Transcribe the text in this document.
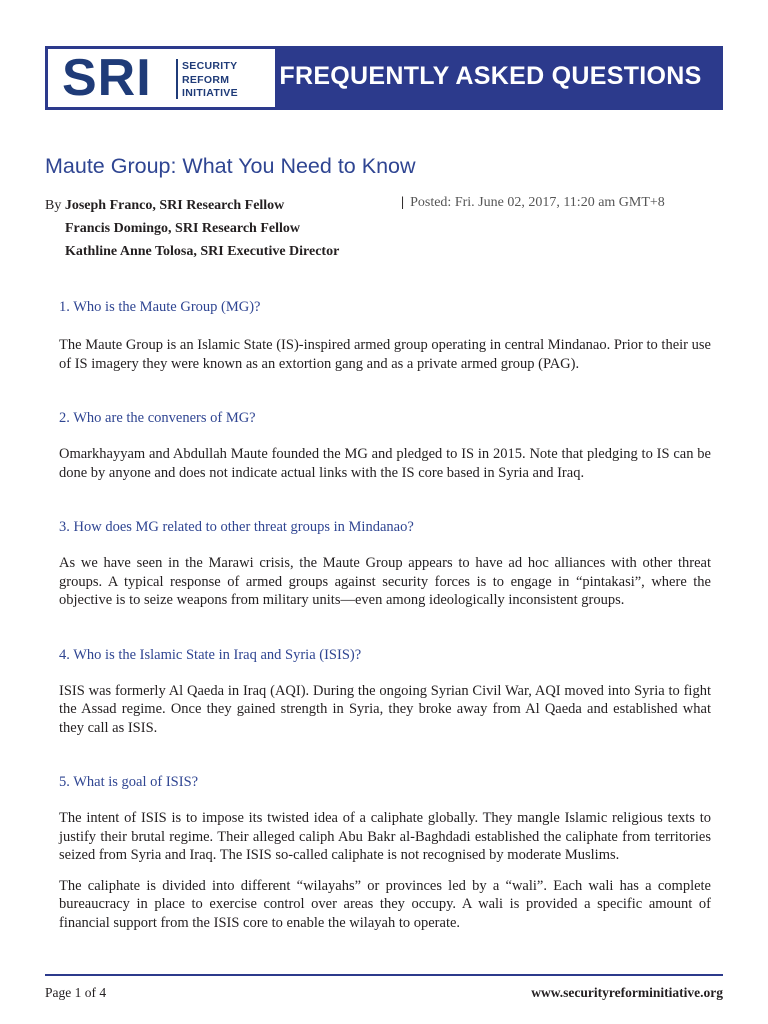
SRI	SECURITY
REFORM
INITIATIVE
FREQUENTLY ASKED QUESTIONS
Maute Group: What You Need to Know
By Joseph Franco, SRI Research Fellow
Francis Domingo, SRI Research Fellow
Kathline Anne Tolosa, SRI Executive Director
| Posted: Fri. June 02, 2017, 11:20 am GMT+8

1. Who is the Maute Group (MG)?

The Maute Group is an Islamic State (IS)-inspired armed group operating in central Mindanao. Prior to their use of IS imagery they were known as an extortion gang and as a private armed group (PAG).

2. Who are the conveners of MG?

Omarkhayyam and Abdullah Maute founded the MG and pledged to IS in 2015. Note that pledging to IS can be done by anyone and does not indicate actual links with the IS core based in Syria and Iraq.

3. How does MG related to other threat groups in Mindanao?

As we have seen in the Marawi crisis, the Maute Group appears to have ad hoc alliances with other threat groups. A typical response of armed groups against security forces is to engage in “pintakasi”, where the objective is to seize weapons from military units—even among ideologically inconsistent groups.

4. Who is the Islamic State in Iraq and Syria (ISIS)?

ISIS was formerly Al Qaeda in Iraq (AQI). During the ongoing Syrian Civil War, AQI moved into Syria to fight the Assad regime. Once they gained strength in Syria, they broke away from Al Qaeda and established what they call as ISIS.

5. What is goal of ISIS?

The intent of ISIS is to impose its twisted idea of a caliphate globally. They mangle Islamic religious texts to justify their brutal regime. Their alleged caliph Abu Bakr al-Baghdadi established the caliphate from territories seized from Syria and Iraq. The ISIS so-called caliphate is not recognised by moderate Muslims.

The caliphate is divided into different “wilayahs” or provinces led by a “wali”. Each wali has a complete bureaucracy in place to exercise control over areas they occupy. A wali is provided a specific amount of financial support from the ISIS core to enable the wilayah to operate.

Page 1 of 4	www.securityreforminitiative.org
